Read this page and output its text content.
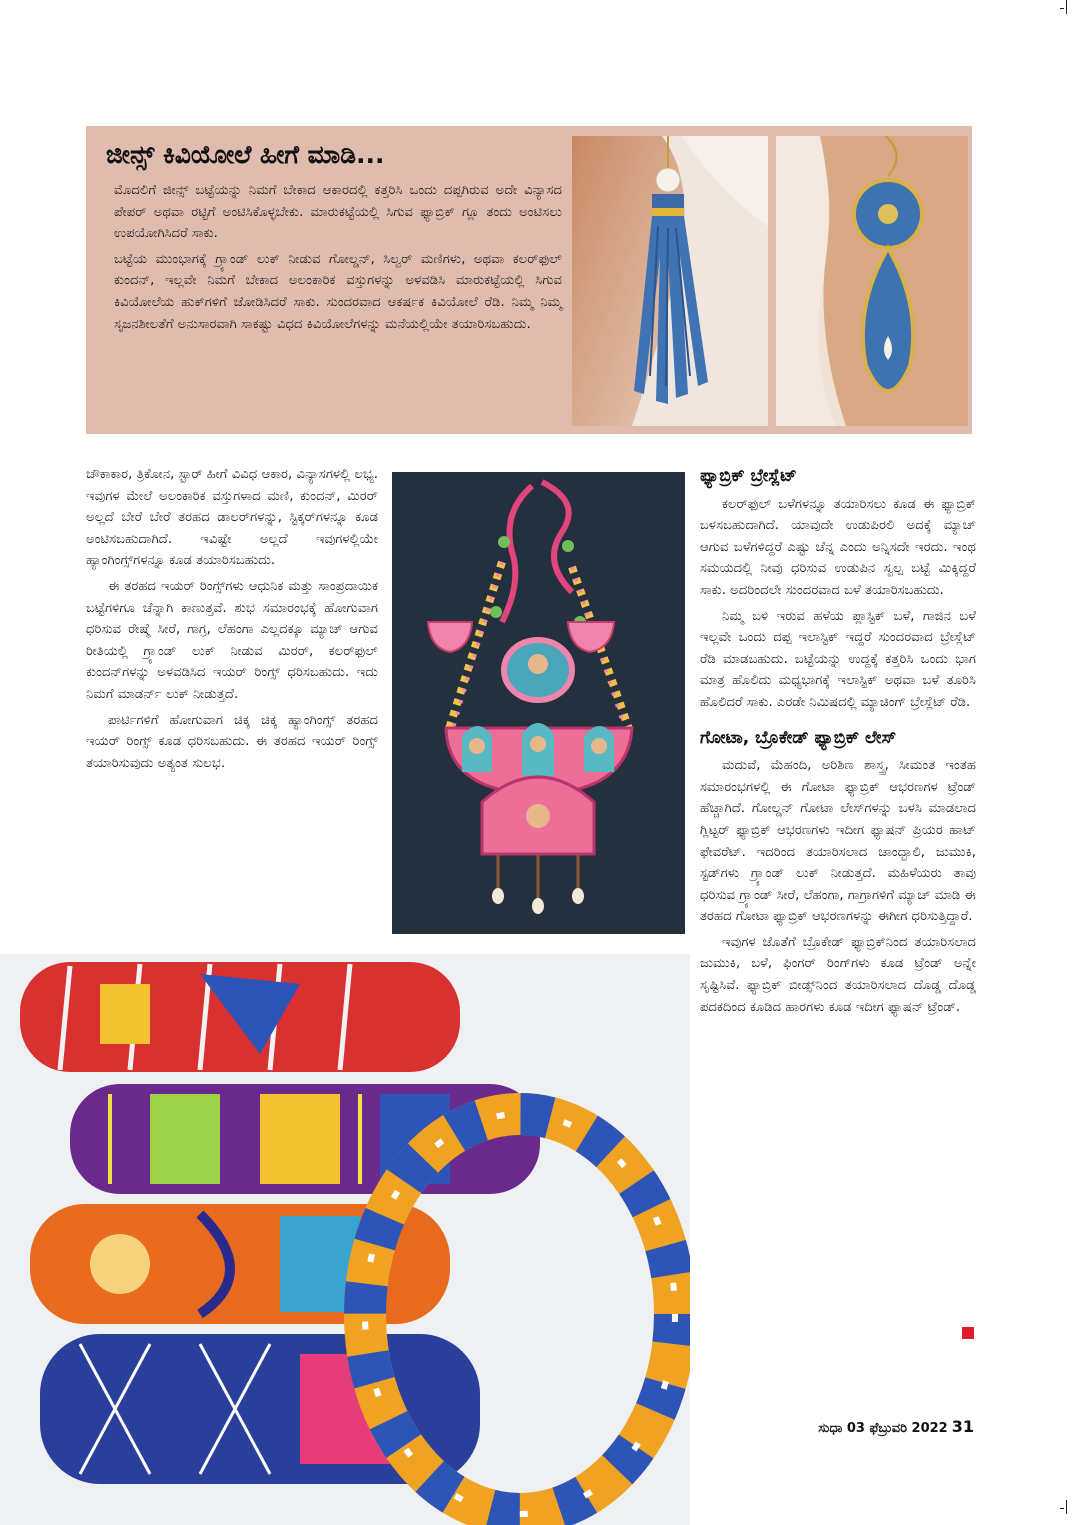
ಜೀನ್ಸ್ ಕಿವಿಯೋಲೆ ಹೀಗೆ ಮಾಡಿ...

ಮೊದಲಿಗೆ ಜೀನ್ಸ್ ಬಟ್ಟೆಯನ್ನು ನಿಮಗೆ ಬೇಕಾದ ಆಕಾರದಲ್ಲಿ ಕತ್ತರಿಸಿ ಒಂದು ದಪ್ಪಗಿರುವ ಅದೇ ವಿನ್ಯಾಸದ ಪೇಪರ್ ಅಥವಾ ರಟ್ಟಿಗೆ ಅಂಟಿಸಿಕೊಳ್ಳಬೇಕು. ಮಾರುಕಟ್ಟೆಯಲ್ಲಿ ಸಿಗುವ ಫ್ಯಾಬ್ರಿಕ್ ಗ್ಲೂ ತಂದು ಅಂಟಿಸಲು ಉಪಯೋಗಿಸಿದರೆ ಸಾಕು.

ಬಟ್ಟೆಯ ಮುಂಭಾಗಕ್ಕೆ ಗ್ರ್ಯಾಂಡ್ ಲುಕ್ ನೀಡುವ ಗೋಲ್ಡನ್, ಸಿಲ್ವರ್ ಮಣಿಗಳು, ಅಥವಾ ಕಲರ್‌ಫುಲ್ ಕುಂದನ್, ಇಲ್ಲವೇ ನಿಮಗೆ ಬೇಕಾದ ಅಲಂಕಾರಿಕ ವಸ್ತುಗಳನ್ನು ಅಳವಡಿಸಿ ಮಾರುಕಟ್ಟೆಯಲ್ಲಿ ಸಿಗುವ ಕಿವಿಯೋಲೆಯ ಹುಕ್‌ಗಳಿಗೆ ಜೋಡಿಸಿದರೆ ಸಾಕು. ಸುಂದರವಾದ ಆಕರ್ಷಕ ಕಿವಿಯೋಲೆ ರೆಡಿ. ನಿಮ್ಮ ನಿಮ್ಮ ಸೃಜನಶೀಲತೆಗೆ ಅನುಸಾರವಾಗಿ ಸಾಕಷ್ಟು ವಿಧದ ಕಿವಿಯೋಲೆಗಳನ್ನು ಮನೆಯಲ್ಲಿಯೇ ತಯಾರಿಸಬಹುದು.

ಚೌಕಾಕಾರ, ತ್ರಿಕೋನ, ಸ್ಟಾರ್ ಹೀಗೆ ವಿವಿಧ ಆಕಾರ, ವಿನ್ಯಾಸಗಳಲ್ಲಿ ಲಭ್ಯ. ಇವುಗಳ ಮೇಲೆ ಅಲಂಕಾರಿಕ ವಸ್ತುಗಳಾದ ಮಣಿ, ಕುಂದನ್, ಮಿರರ್ ಅಲ್ಲದೆ ಬೇರೆ ಬೇರೆ ತರಹದ ಡಾಲರ್‌ಗಳನ್ನು, ಸ್ಟಿಕ್ಕರ್‌ಗಳನ್ನೂ ಕೂಡ ಅಂಟಿಸಬಹುದಾಗಿದೆ. ಇವಿಷ್ಟೇ ಅಲ್ಲದೆ ಇವುಗಳಲ್ಲಿಯೇ ಹ್ಯಾಂಗಿಂಗ್ಸ್‌ಗಳನ್ನೂ ಕೂಡ ತಯಾರಿಸಬಹುದು.

ಈ ತರಹದ ಇಯರ್ ರಿಂಗ್ಸ್‌ಗಳು ಆಧುನಿಕ ಮತ್ತು ಸಾಂಪ್ರದಾಯಿಕ ಬಟ್ಟೆಗಳಿಗೂ ಚೆನ್ನಾಗಿ ಕಾಣುತ್ತವೆ. ಶುಭ ಸಮಾರಂಭಕ್ಕೆ ಹೋಗುವಾಗ ಧರಿಸುವ ರೇಷ್ಮೆ ಸೀರೆ, ಗಾಗ್ರ, ಲೆಹಂಗಾ ಎಲ್ಲದಕ್ಕೂ ಮ್ಯಾಚ್ ಆಗುವ ರೀತಿಯಲ್ಲಿ ಗ್ರ್ಯಾಂಡ್ ಲುಕ್ ನೀಡುವ ಮಿರರ್, ಕಲರ್‌ಫುಲ್ ಕುಂದನ್‌ಗಳನ್ನು ಅಳವಡಿಸಿದ ಇಯರ್ ರಿಂಗ್ಸ್ ಧರಿಸಬಹುದು. ಇದು ನಿಮಗೆ ಮಾಡರ್ನ್ ಲುಕ್ ನೀಡುತ್ತದೆ.

ಪಾರ್ಟಿಗಳಿಗೆ ಹೋಗುವಾಗ ಚಿಕ್ಕ ಚಿಕ್ಕ ಹ್ಯಾಂಗಿಂಗ್ಸ್ ತರಹದ ಇಯರ್ ರಿಂಗ್ಸ್ ಕೂಡ ಧರಿಸಬಹುದು. ಈ ತರಹದ ಇಯರ್ ರಿಂಗ್ಸ್ ತಯಾರಿಸುವುದು ಅತ್ಯಂತ ಸುಲಭ.

ಫ್ಯಾಬ್ರಿಕ್ ಬ್ರೇಸ್ಲೆಟ್

ಕಲರ್‌ಫುಲ್ ಬಳೆಗಳನ್ನೂ ತಯಾರಿಸಲು ಕೂಡ ಈ ಫ್ಯಾಬ್ರಿಕ್ ಬಳಸಬಹುದಾಗಿದೆ. ಯಾವುದೇ ಉಡುಪಿರಲಿ ಅದಕ್ಕೆ ಮ್ಯಾಚ್ ಆಗುವ ಬಳೆಗಳಿದ್ದರೆ ಎಷ್ಟು ಚೆನ್ನ ಎಂದು ಅನ್ನಿಸದೇ ಇರದು. ಇಂಥ ಸಮಯದಲ್ಲಿ ನೀವು ಧರಿಸುವ ಉಡುಪಿನ ಸ್ವಲ್ಪ ಬಟ್ಟೆ ಮಿಕ್ಕಿದ್ದರೆ ಸಾಕು. ಅದರಿಂದಲೇ ಸುಂದರವಾದ ಬಳೆ ತಯಾರಿಸಬಹುದು.

ನಿಮ್ಮ ಬಳಿ ಇರುವ ಹಳೆಯ ಪ್ಲಾಸ್ಟಿಕ್ ಬಳೆ, ಗಾಜಿನ ಬಳೆ ಇಲ್ಲವೇ ಒಂದು ದಪ್ಪ ಇಲಾಸ್ಟಿಕ್ ಇದ್ದರೆ ಸುಂದರವಾದ ಬ್ರೇಸ್ಲೆಟ್ ರೆಡಿ ಮಾಡಬಹುದು. ಬಟ್ಟೆಯನ್ನು ಉದ್ದಕ್ಕೆ ಕತ್ತರಿಸಿ ಒಂದು ಭಾಗ ಮಾತ್ರ ಹೊಲಿದು ಮಧ್ಯಭಾಗಕ್ಕೆ ಇಲಾಸ್ಟಿಕ್ ಅಥವಾ ಬಳೆ ತೂರಿಸಿ ಹೊಲಿದರೆ ಸಾಕು. ಎರಡೇ ನಿಮಿಷದಲ್ಲಿ ಮ್ಯಾಚಿಂಗ್ ಬ್ರೇಸ್ಲೆಟ್ ರೆಡಿ.

ಗೋಟಾ, ಬ್ರೊಕೇಡ್ ಫ್ಯಾಬ್ರಿಕ್ ಲೇಸ್

ಮದುವೆ, ಮೆಹಂದಿ, ಅರಿಶಿಣ ಶಾಸ್ತ್ರ, ಸೀಮಂತ ಇಂತಹ ಸಮಾರಂಭಗಳಲ್ಲಿ ಈ ಗೋಟಾ ಫ್ಯಾಬ್ರಿಕ್ ಆಭರಣಗಳ ಟ್ರೆಂಡ್ ಹೆಚ್ಚಾಗಿದೆ. ಗೋಲ್ಡನ್ ಗೋಟಾ ಲೇಸ್‌ಗಳನ್ನು ಬಳಸಿ ಮಾಡಲಾದ ಗ್ಲಿಟ್ಟರ್ ಫ್ಯಾಬ್ರಿಕ್ ಆಭರಣಗಳು ಇದೀಗ ಫ್ಯಾಷನ್ ಪ್ರಿಯರ ಹಾಟ್ ಫೇವರೆಟ್. ಇದರಿಂದ ತಯಾರಿಸಲಾದ ಚಾಂದ್ಬಾಲಿ, ಜುಮುಕಿ, ಸ್ಟಡ್‌ಗಳು ಗ್ರ್ಯಾಂಡ್ ಲುಕ್ ನೀಡುತ್ತದೆ. ಮಹಿಳೆಯರು ತಾವು ಧರಿಸುವ ಗ್ರ್ಯಾಂಡ್ ಸೀರೆ, ಲೆಹಂಗಾ, ಗಾಗ್ರಾಗಳಿಗೆ ಮ್ಯಾಚ್ ಮಾಡಿ ಈ ತರಹದ ಗೋಟಾ ಫ್ಯಾಬ್ರಿಕ್ ಆಭರಣಗಳನ್ನು ಈಗೀಗ ಧರಿಸುತ್ತಿದ್ದಾರೆ.

ಇವುಗಳ ಜೊತೆಗೆ ಬ್ರೊಕೇಡ್ ಫ್ಯಾಬ್ರಿಕ್‌ನಿಂದ ತಯಾರಿಸಲಾದ ಜುಮುಕಿ, ಬಳೆ, ಫಿಂಗರ್ ರಿಂಗ್‌ಗಳು ಕೂಡ ಟ್ರೆಂಡ್ ಅನ್ನೇ ಸೃಷ್ಟಿಸಿವೆ. ಫ್ಯಾಬ್ರಿಕ್ ಬೀಡ್ಸ್‌ನಿಂದ ತಯಾರಿಸಲಾದ ದೊಡ್ಡ ದೊಡ್ಡ ಪದಕದಿಂದ ಕೂಡಿದ ಹಾರಗಳು ಕೂಡ ಇದೀಗ ಫ್ಯಾಷನ್ ಟ್ರೆಂಡ್.

ಸುಧಾ 03 ಫೆಬ್ರುವರಿ 2022 31
